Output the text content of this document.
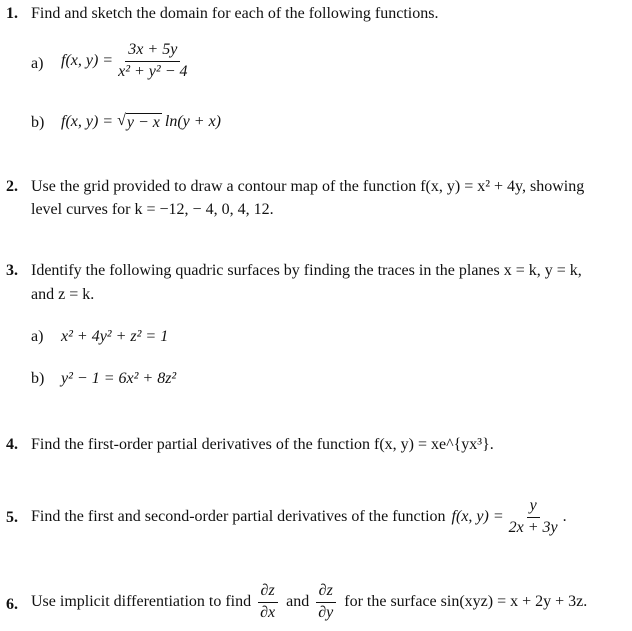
1. Find and sketch the domain for each of the following functions.
a) f(x, $y) = \frac{3x + 5y}{\text{x² + y² − 4}}$
b) f(x, y) = √ y − x ln(y + x)
2. Use the grid provided to draw a contour map of the function f(x, y) = x² + 4y, showing
level curves for k = −12, − 4, 0, 4, 12.
3. Identify the following quadric surfaces by finding the traces in the planes x = k, y = k,
and z = k.
a) x² + 4y² + z² = 1
b) y² − 1 = 6x² + 8z²
4. Find the first-order partial derivatives of the function f(x, y) = xe^{yx³}.
5. Find the first and second-order partial derivatives of the function f(x, $y) = \frac{y}{2x + 3y}$ .
6. Use implicit differentiation to find $\frac{\partial z}{\partial x}$ and $\frac{\partial z}{\partial y}$ for the surface sin(xyz) = x + 2y + 3z.
